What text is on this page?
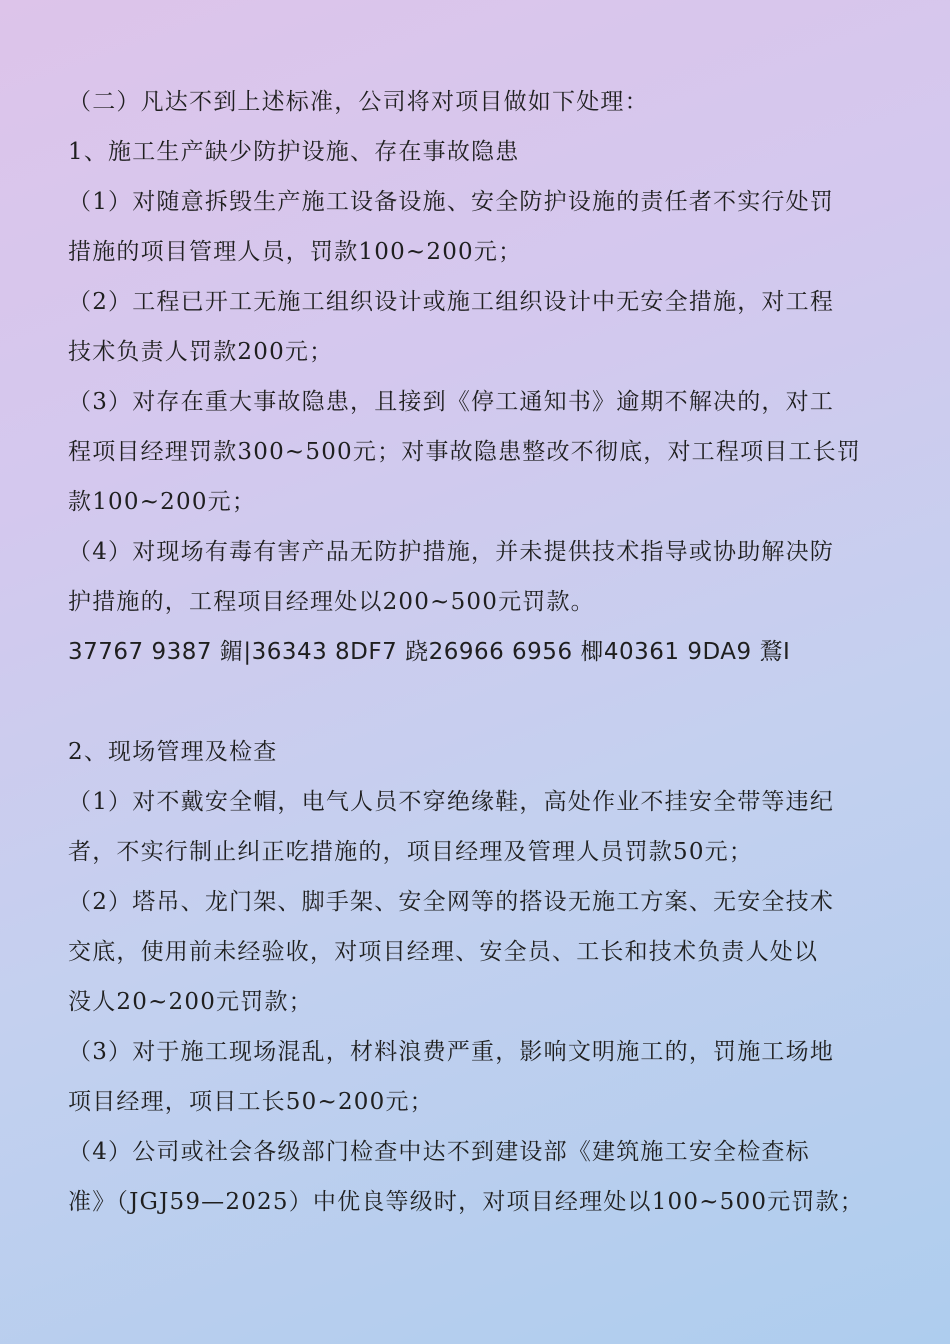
（二）凡达不到上述标准，公司将对项目做如下处理：
1、施工生产缺少防护设施、存在事故隐患
（1）对随意拆毁生产施工设备设施、安全防护设施的责任者不实行处罚
措施的项目管理人员，罚款100~200元；
（2）工程已开工无施工组织设计或施工组织设计中无安全措施，对工程
技术负责人罚款200元；
（3）对存在重大事故隐患，且接到《停工通知书》逾期不解决的，对工
程项目经理罚款300~500元；对事故隐患整改不彻底，对工程项目工长罚
款100~200元；
（4）对现场有毒有害产品无防护措施，并未提供技术指导或协助解决防
护措施的，工程项目经理处以200~500元罚款。
37767 9387 鎇|36343 8DF7 跷26966 6956 楖40361 9DA9 鶩I
2、现场管理及检查
（1）对不戴安全帽，电气人员不穿绝缘鞋，高处作业不挂安全带等违纪
者，不实行制止纠正吃措施的，项目经理及管理人员罚款50元；
（2）塔吊、龙门架、脚手架、安全网等的搭设无施工方案、无安全技术
交底，使用前未经验收，对项目经理、安全员、工长和技术负责人处以
没人20~200元罚款；
（3）对于施工现场混乱，材料浪费严重，影响文明施工的，罚施工场地
项目经理，项目工长50~200元；
（4）公司或社会各级部门检查中达不到建设部《建筑施工安全检查标
准》（JGJ59—2025）中优良等级时，对项目经理处以100~500元罚款；
